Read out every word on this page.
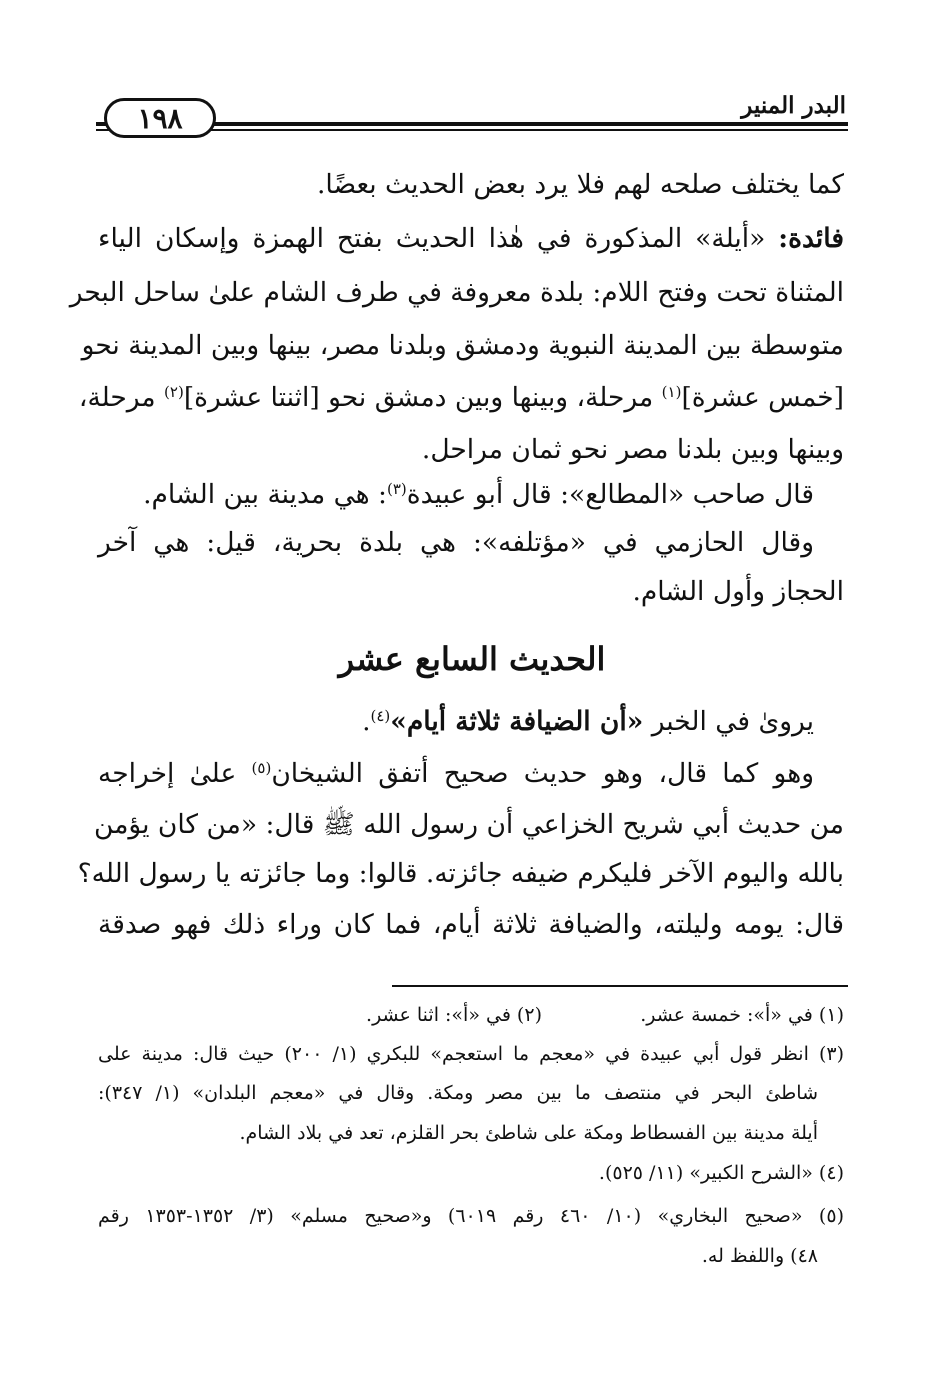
البدر المنير
١٩٨
كما يختلف صلحه لهم فلا يرد بعض الحديث بعضًا.
فائدة: «أيلة» المذكورة في هٰذا الحديث بفتح الهمزة وإسكان الياء
المثناة تحت وفتح اللام: بلدة معروفة في طرف الشام علىٰ ساحل البحر
متوسطة بين المدينة النبوية ودمشق وبلدنا مصر، بينها وبين المدينة نحو
[خمس عشرة]$^{(١)}$ مرحلة، وبينها وبين دمشق نحو [اثنتا عشرة]$^{(٢)}$ مرحلة،
وبينها وبين بلدنا مصر نحو ثمان مراحل.
قال صاحب «المطالع»: قال أبو عبيدة$^{(٣)}$: هي مدينة بين الشام.
وقال الحازمي في «مؤتلفه»: هي بلدة بحرية، قيل: هي آخر
الحجاز وأول الشام.
الحديث السابع عشر
يروىٰ في الخبر «أن الضيافة ثلاثة أيام»$^{(٤)}$.
وهو كما قال، وهو حديث صحيح أتفق الشيخان$^{(٥)}$ علىٰ إخراجه
من حديث أبي شريح الخزاعي أن رسول الله ﷺ قال: «من كان يؤمن
بالله واليوم الآخر فليكرم ضيفه جائزته. قالوا: وما جائزته يا رسول الله؟
قال: يومه وليلته، والضيافة ثلاثة أيام، فما كان وراء ذلك فهو صدقة
(١) في «أ»: خمسة عشر.
(٢) في «أ»: اثنا عشر.
(٣) انظر قول أبي عبيدة في «معجم ما استعجم» للبكري (١/ ٢٠٠) حيث قال: مدينة على
شاطئ البحر في منتصف ما بين مصر ومكة. وقال في «معجم البلدان» (١/ ٣٤٧):
أيلة مدينة بين الفسطاط ومكة على شاطئ بحر القلزم، تعد في بلاد الشام.
(٤) «الشرح الكبير» (١١/ ٥٢٥).
(٥) «صحيح البخاري» (١٠/ ٤٦٠ رقم ٦٠١٩) و«صحيح مسلم» (٣/ ١٣٥٢-١٣٥٣ رقم
٤٨) واللفظ له.
